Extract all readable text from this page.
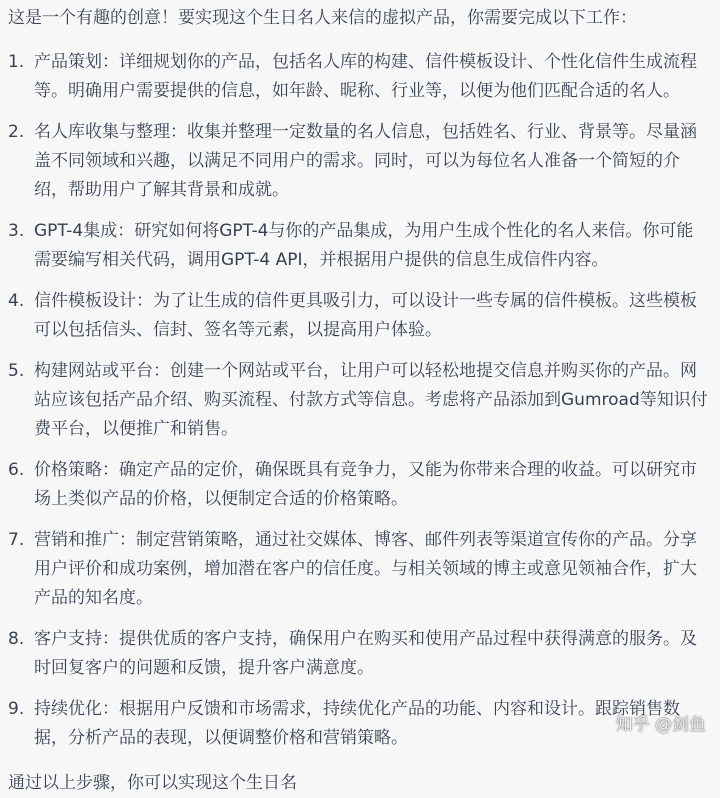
这是一个有趣的创意！要实现这个生日名人来信的虚拟产品，你需要完成以下工作：

1. 产品策划：详细规划你的产品，包括名人库的构建、信件模板设计、个性化信件生成流程等。明确用户需要提供的信息，如年龄、昵称、行业等，以便为他们匹配合适的名人。
2. 名人库收集与整理：收集并整理一定数量的名人信息，包括姓名、行业、背景等。尽量涵盖不同领域和兴趣，以满足不同用户的需求。同时，可以为每位名人准备一个简短的介绍，帮助用户了解其背景和成就。
3. GPT-4集成：研究如何将GPT-4与你的产品集成，为用户生成个性化的名人来信。你可能需要编写相关代码，调用GPT-4 API，并根据用户提供的信息生成信件内容。
4. 信件模板设计：为了让生成的信件更具吸引力，可以设计一些专属的信件模板。这些模板可以包括信头、信封、签名等元素，以提高用户体验。
5. 构建网站或平台：创建一个网站或平台，让用户可以轻松地提交信息并购买你的产品。网站应该包括产品介绍、购买流程、付款方式等信息。考虑将产品添加到Gumroad等知识付费平台，以便推广和销售。
6. 价格策略：确定产品的定价，确保既具有竞争力，又能为你带来合理的收益。可以研究市场上类似产品的价格，以便制定合适的价格策略。
7. 营销和推广：制定营销策略，通过社交媒体、博客、邮件列表等渠道宣传你的产品。分享用户评价和成功案例，增加潜在客户的信任度。与相关领域的博主或意见领袖合作，扩大产品的知名度。
8. 客户支持：提供优质的客户支持，确保用户在购买和使用产品过程中获得满意的服务。及时回复客户的问题和反馈，提升客户满意度。
9. 持续优化：根据用户反馈和市场需求，持续优化产品的功能、内容和设计。跟踪销售数据，分析产品的表现，以便调整价格和营销策略。

通过以上步骤，你可以实现这个生日名

知乎 @剑鱼
